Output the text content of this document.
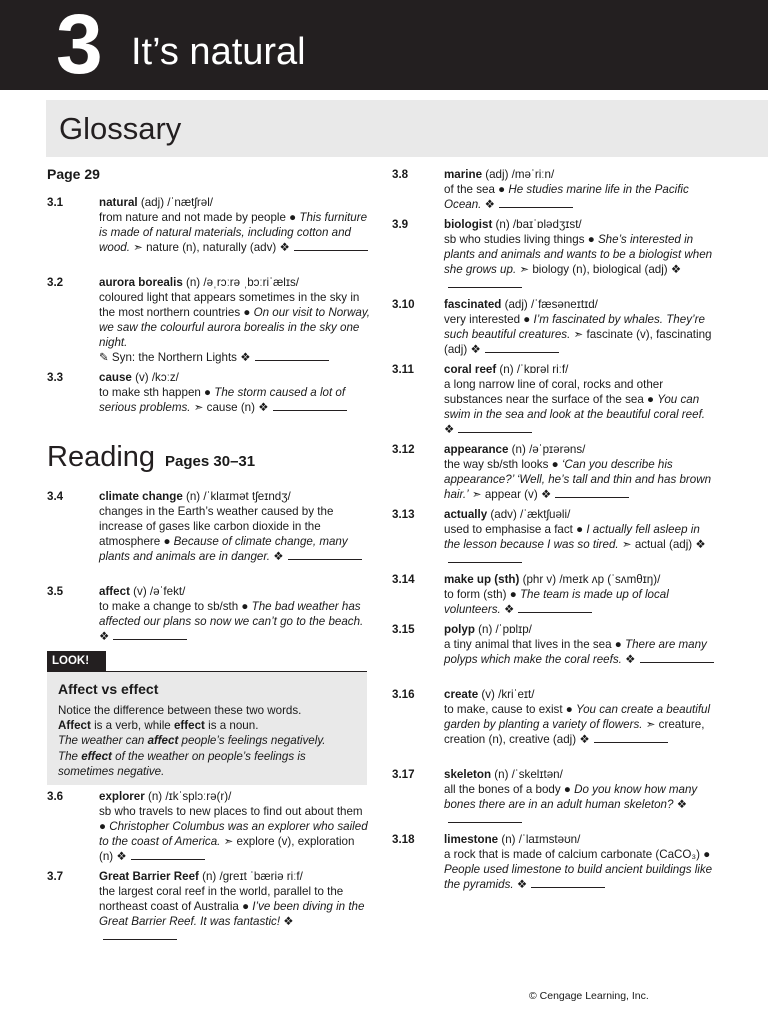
3 It’s natural
Glossary
Page 29
Reading Pages 30–31
3.1	natural (adj) /ˈnætʃrəl/
from nature and not made by people ● This furniture is made of natural materials, including cotton and wood. ➣ nature (n), naturally (adv) ❖
3.2	aurora borealis (n) /əˌrɔːrə ˌbɔːriˈælɪs/
coloured light that appears sometimes in the sky in the most northern countries ● On our visit to Norway, we saw the colourful aurora borealis in the sky one night.
✎ Syn: the Northern Lights ❖
3.3	cause (v) /kɔːz/
to make sth happen ● The storm caused a lot of serious problems. ➣ cause (n) ❖
3.4	climate change (n) /ˈklaɪmət tʃeɪndʒ/
changes in the Earth’s weather caused by the increase of gases like carbon dioxide in the atmosphere ● Because of climate change, many plants and animals are in danger. ❖
3.5	affect (v) /əˈfekt/
to make a change to sb/sth ● The bad weather has affected our plans so now we can’t go to the beach. ❖
3.6	explorer (n) /ɪkˈsplɔːrə(r)/
sb who travels to new places to find out about them ● Christopher Columbus was an explorer who sailed to the coast of America. ➣ explore (v), exploration (n) ❖
3.7	Great Barrier Reef (n) /ɡreɪt ˈbæriə riːf/
the largest coral reef in the world, parallel to the northeast coast of Australia ● I’ve been diving in the Great Barrier Reef. It was fantastic! ❖
3.8	marine (adj) /məˈriːn/
of the sea ● He studies marine life in the Pacific Ocean. ❖
3.9	biologist (n) /baɪˈɒlədʒɪst/
sb who studies living things ● She’s interested in plants and animals and wants to be a biologist when she grows up. ➣ biology (n), biological (adj) ❖
3.10	fascinated (adj) /ˈfæsəneɪtɪd/
very interested ● I’m fascinated by whales. They’re such beautiful creatures. ➣ fascinate (v), fascinating (adj) ❖
3.11	coral reef (n) /ˈkɒrəl riːf/
a long narrow line of coral, rocks and other substances near the surface of the sea ● You can swim in the sea and look at the beautiful coral reef. ❖
3.12	appearance (n) /əˈpɪərəns/
the way sb/sth looks ● ‘Can you describe his appearance?’ ‘Well, he’s tall and thin and has brown hair.’ ➣ appear (v) ❖
3.13	actually (adv) /ˈæktʃuəli/
used to emphasise a fact ● I actually fell asleep in the lesson because I was so tired. ➣ actual (adj) ❖
3.14	make up (sth) (phr v) /meɪk ʌp (ˈsʌmθɪŋ)/
to form (sth) ● The team is made up of local volunteers. ❖
3.15	polyp (n) /ˈpɒlɪp/
a tiny animal that lives in the sea ● There are many polyps which make the coral reefs. ❖
3.16	create (v) /kriˈeɪt/
to make, cause to exist ● You can create a beautiful garden by planting a variety of flowers. ➣ creature, creation (n), creative (adj) ❖
3.17	skeleton (n) /ˈskelɪtən/
all the bones of a body ● Do you know how many bones there are in an adult human skeleton? ❖
3.18	limestone (n) /ˈlaɪmstəʊn/
a rock that is made of calcium carbonate (CaCO₃) ● People used limestone to build ancient buildings like the pyramids. ❖
LOOK!
Affect vs effect
Notice the difference between these two words.
Affect is a verb, while effect is a noun.
The weather can affect people’s feelings negatively.
The effect of the weather on people’s feelings is sometimes negative.
© Cengage Learning, Inc.
